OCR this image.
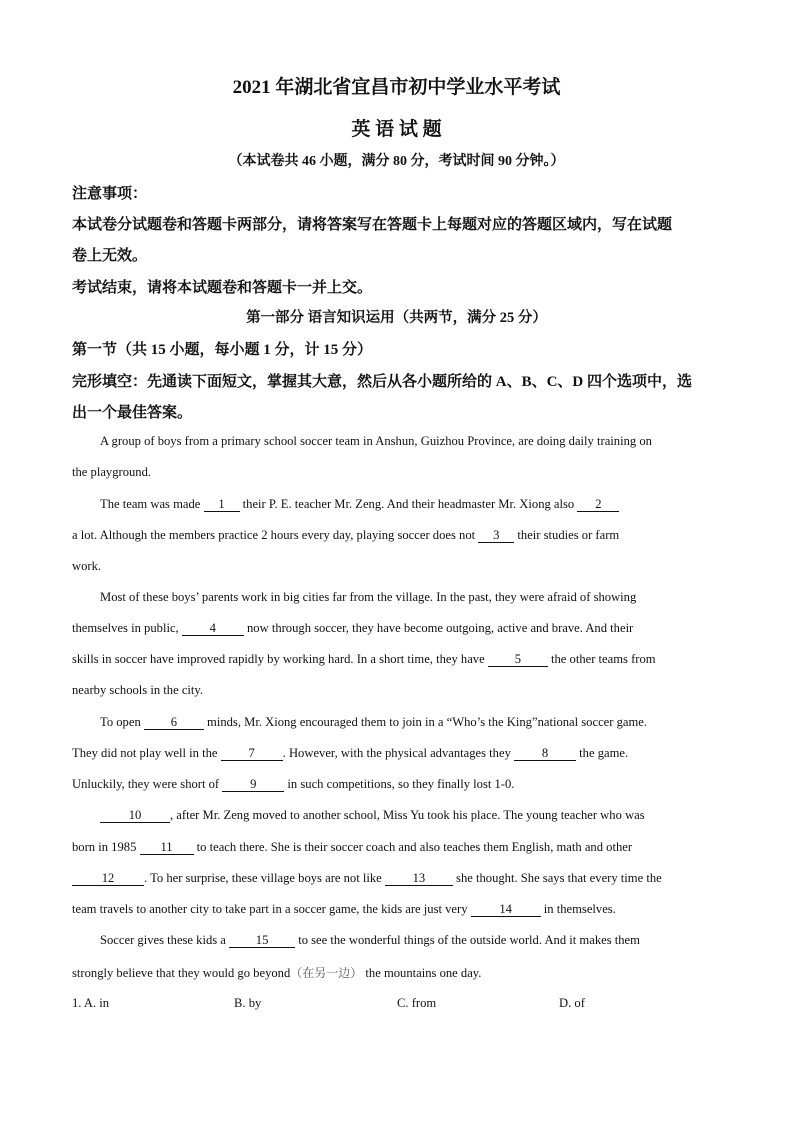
2021 年湖北省宜昌市初中学业水平考试
英 语 试 题
（本试卷共 46 小题，满分 80 分，考试时间 90 分钟。）
注意事项：
本试卷分试题卷和答题卡两部分，请将答案写在答题卡上每题对应的答题区域内，写在试题
卷上无效。
考试结束，请将本试题卷和答题卡一并上交。
第一部分 语言知识运用（共两节，满分 25 分）
第一节（共 15 小题，每小题 1 分，计 15 分）
完形填空：先通读下面短文，掌握其大意，然后从各小题所给的 A、B、C、D 四个选项中，选
出一个最佳答案。
A group of boys from a primary school soccer team in Anshun, Guizhou Province, are doing daily training on
the playground.
The team was made 1 their P. E. teacher Mr. Zeng. And their headmaster Mr. Xiong also 2
a lot. Although the members practice 2 hours every day, playing soccer does not 3 their studies or farm
work.
Most of these boys’ parents work in big cities far from the village. In the past, they were afraid of showing
themselves in public, 4 now through soccer, they have become outgoing, active and brave. And their
skills in soccer have improved rapidly by working hard. In a short time, they have 5 the other teams from
nearby schools in the city.
To open 6 minds, Mr. Xiong encouraged them to join in a “Who’s the King”national soccer game.
They did not play well in the 7 . However, with the physical advantages they 8 the game.
Unluckily, they were short of 9 in such competitions, so they finally lost 1-0.
10 , after Mr. Zeng moved to another school, Miss Yu took his place. The young teacher who was
born in 1985 11 to teach there. She is their soccer coach and also teaches them English, math and other
12 . To her surprise, these village boys are not like 13 she thought. She says that every time the
team travels to another city to take part in a soccer game, the kids are just very 14 in themselves.
Soccer gives these kids a 15 to see the wonderful things of the outside world. And it makes them
strongly believe that they would go beyond（在另一边） the mountains one day.
1. A. in	B. by	C. from	D. of
